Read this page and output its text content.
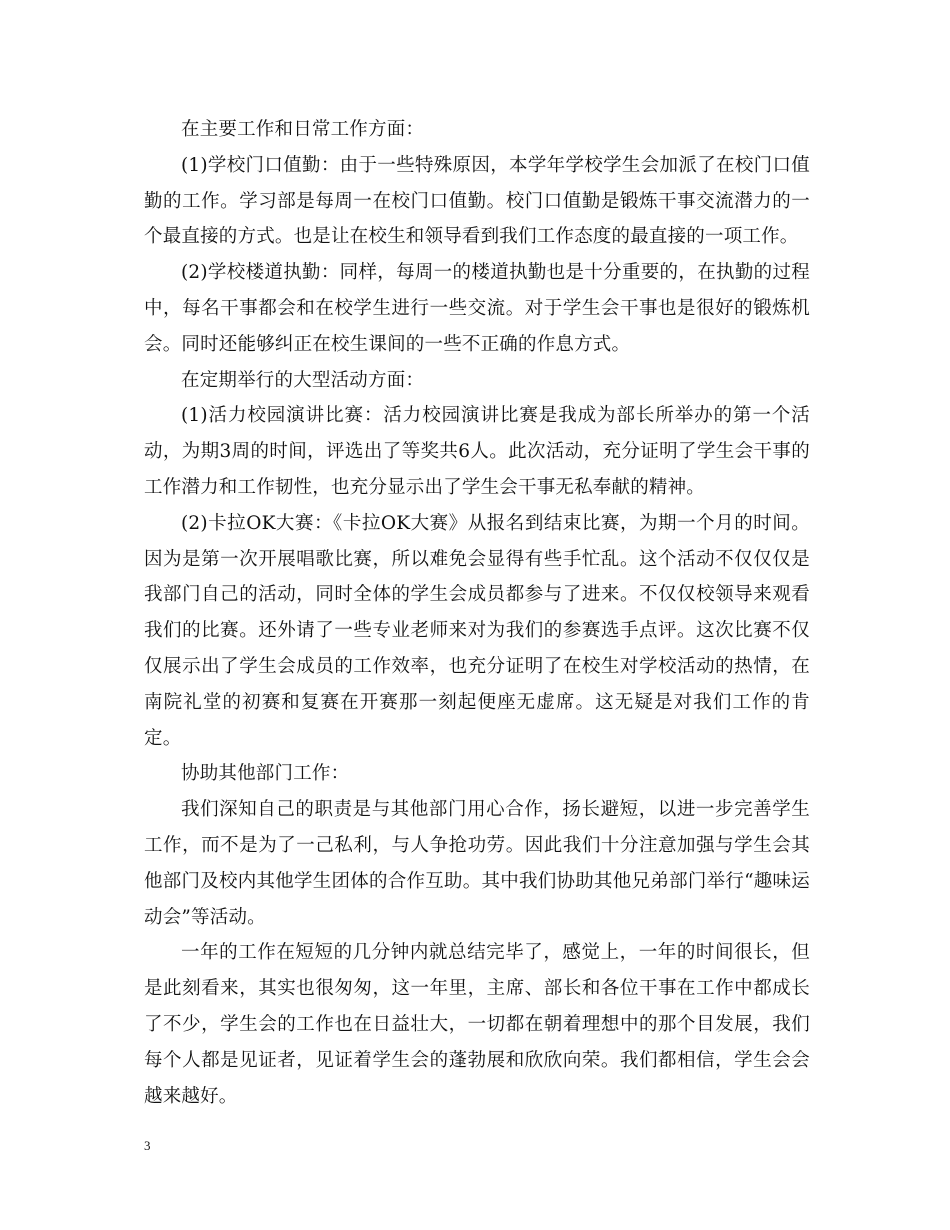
在主要工作和日常工作方面：

(1)学校门口值勤：由于一些特殊原因，本学年学校学生会加派了在校门口值勤的工作。学习部是每周一在校门口值勤。校门口值勤是锻炼干事交流潜力的一个最直接的方式。也是让在校生和领导看到我们工作态度的最直接的一项工作。

(2)学校楼道执勤：同样，每周一的楼道执勤也是十分重要的，在执勤的过程中，每名干事都会和在校学生进行一些交流。对于学生会干事也是很好的锻炼机会。同时还能够纠正在校生课间的一些不正确的作息方式。

在定期举行的大型活动方面：

(1)活力校园演讲比赛：活力校园演讲比赛是我成为部长所举办的第一个活动，为期3周的时间，评选出了等奖共6人。此次活动，充分证明了学生会干事的工作潜力和工作韧性，也充分显示出了学生会干事无私奉献的精神。

(2)卡拉OK大赛：《卡拉OK大赛》从报名到结束比赛，为期一个月的时间。因为是第一次开展唱歌比赛，所以难免会显得有些手忙乱。这个活动不仅仅仅是我部门自己的活动，同时全体的学生会成员都参与了进来。不仅仅校领导来观看我们的比赛。还外请了一些专业老师来对为我们的参赛选手点评。这次比赛不仅仅展示出了学生会成员的工作效率，也充分证明了在校生对学校活动的热情，在南院礼堂的初赛和复赛在开赛那一刻起便座无虚席。这无疑是对我们工作的肯定。

协助其他部门工作：

我们深知自己的职责是与其他部门用心合作，扬长避短，以进一步完善学生工作，而不是为了一己私利，与人争抢功劳。因此我们十分注意加强与学生会其他部门及校内其他学生团体的合作互助。其中我们协助其他兄弟部门举行“趣味运动会”等活动。

一年的工作在短短的几分钟内就总结完毕了，感觉上，一年的时间很长，但是此刻看来，其实也很匆匆，这一年里，主席、部长和各位干事在工作中都成长了不少，学生会的工作也在日益壮大，一切都在朝着理想中的那个目发展，我们每个人都是见证者，见证着学生会的蓬勃展和欣欣向荣。我们都相信，学生会会越来越好。

3
